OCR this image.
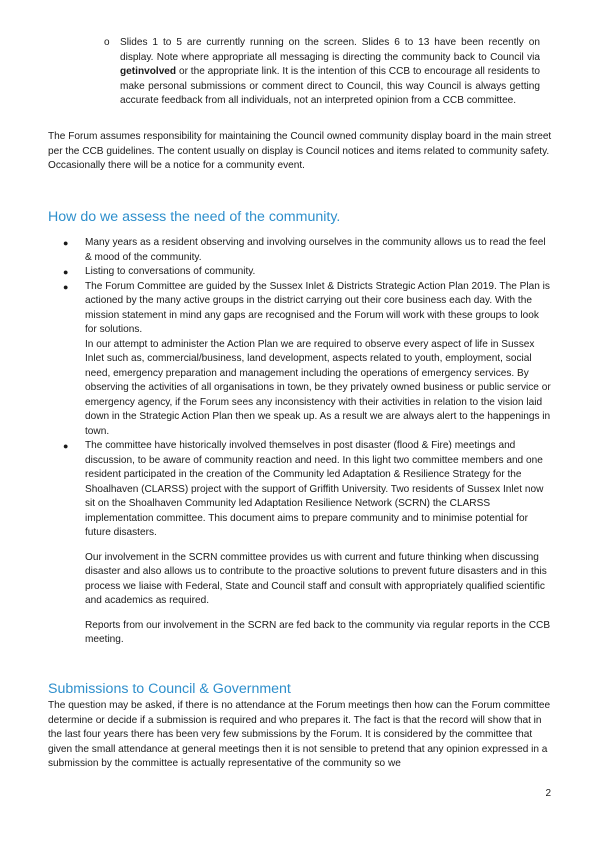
o Slides 1 to 5 are currently running on the screen. Slides 6 to 13 have been recently on display. Note where appropriate all messaging is directing the community back to Council via getinvolved or the appropriate link. It is the intention of this CCB to encourage all residents to make personal submissions or comment direct to Council, this way Council is always getting accurate feedback from all individuals, not an interpreted opinion from a CCB committee.

The Forum assumes responsibility for maintaining the Council owned community display board in the main street per the CCB guidelines. The content usually on display is Council notices and items related to community safety. Occasionally there will be a notice for a community event.

How do we assess the need of the community.
● Many years as a resident observing and involving ourselves in the community allows us to read the feel & mood of the community.

● Listing to conversations of community.

● The Forum Committee are guided by the Sussex Inlet & Districts Strategic Action Plan 2019. The Plan is actioned by the many active groups in the district carrying out their core business each day. With the mission statement in mind any gaps are recognised and the Forum will work with these groups to look for solutions.

In our attempt to administer the Action Plan we are required to observe every aspect of life in Sussex Inlet such as, commercial/business, land development, aspects related to youth, employment, social need, emergency preparation and management including the operations of emergency services. By observing the activities of all organisations in town, be they privately owned business or public service or emergency agency, if the Forum sees any inconsistency with their activities in relation to the vision laid down in the Strategic Action Plan then we speak up. As a result we are always alert to the happenings in town.

● The committee have historically involved themselves in post disaster (flood & Fire) meetings and discussion, to be aware of community reaction and need. In this light two committee members and one resident participated in the creation of the Community led Adaptation & Resilience Strategy for the Shoalhaven (CLARSS) project with the support of Griffith University. Two residents of Sussex Inlet now sit on the Shoalhaven Community led Adaptation Resilience Network (SCRN) the CLARSS implementation committee. This document aims to prepare community and to minimise potential for future disasters.

Our involvement in the SCRN committee provides us with current and future thinking when discussing disaster and also allows us to contribute to the proactive solutions to prevent future disasters and in this process we liaise with Federal, State and Council staff and consult with appropriately qualified scientific and academics as required.

Reports from our involvement in the SCRN are fed back to the community via regular reports in the CCB meeting.

Submissions to Council & Government

The question may be asked, if there is no attendance at the Forum meetings then how can the Forum committee determine or decide if a submission is required and who prepares it. The fact is that the record will show that in the last four years there has been very few submissions by the Forum. It is considered by the committee that given the small attendance at general meetings then it is not sensible to pretend that any opinion expressed in a submission by the committee is actually representative of the community so we

2
